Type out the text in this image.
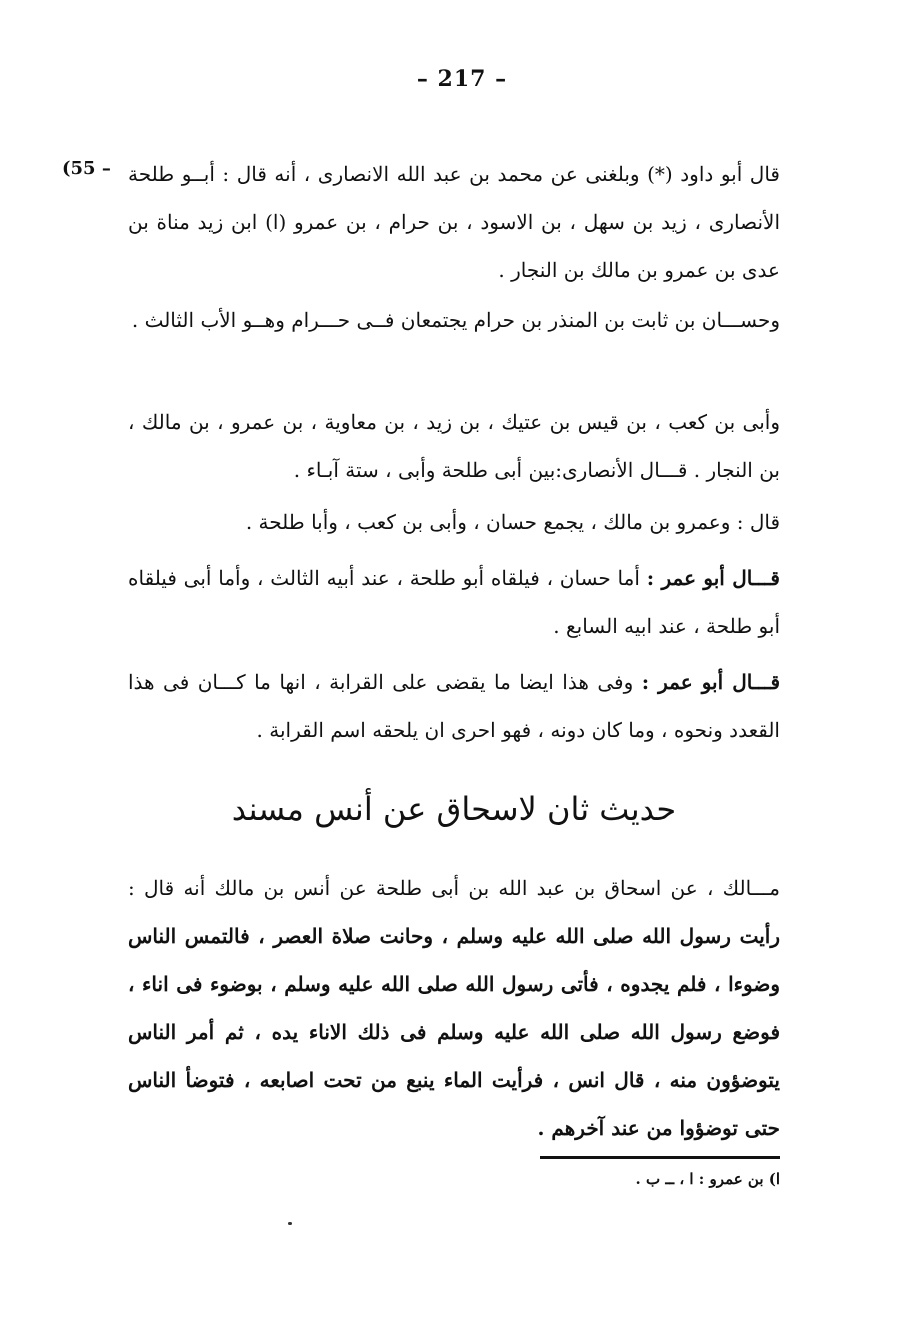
– 217 –
(55 – قال أبو داود (*) وبلغنى عن محمد بن عبد الله الانصارى ، أنه قال : أبــو طلحة الأنصارى ، زيد بن سهل ، بن الاسود ، بن حرام ، بن عمرو (ا) ابن زيد مناة بن عدى بن عمرو بن مالك بن النجار .

وحســـان بن ثابت بن المنذر بن حرام يجتمعان فــى حـــرام وهــو الأب الثالث .

وأبى بن كعب ، بن قيس بن عتيك ، بن زيد ، بن معاوية ، بن عمرو ، بن مالك ، بن النجار . قـــال الأنصارى:بين أبى طلحة وأبى ، ستة آبـاء .

قال : وعمرو بن مالك ، يجمع حسان ، وأبى بن كعب ، وأبا طلحة .

قـــال أبو عمر : أما حسان ، فيلقاه أبو طلحة ، عند أبيه الثالث ، وأما أبى فيلقاه أبو طلحة ، عند ابيه السابع .

قـــال أبو عمر : وفى هذا ايضا ما يقضى على القرابة ، انها ما كـــان فى هذا القعدد ونحوه ، وما كان دونه ، فهو احرى ان يلحقه اسم القرابة .

حديث ثان لاسحاق عن أنس مسند

مـــالك ، عن اسحاق بن عبد الله بن أبى طلحة عن أنس بن مالك أنه قال : رأيت رسول الله صلى الله عليه وسلم ، وحانت صلاة العصر ، فالتمس الناس وضوءا ، فلم يجدوه ، فأتى رسول الله صلى الله عليه وسلم ، بوضوء فى اناء ، فوضع رسول الله صلى الله عليه وسلم فى ذلك الاناء يده ، ثم أمر الناس يتوضؤون منه ، قال انس ، فرأيت الماء ينبع من تحت اصابعه ، فتوضأ الناس حتى توضؤوا من عند آخرهم .

ا) بن عمرو : ا ، ــ ب .
